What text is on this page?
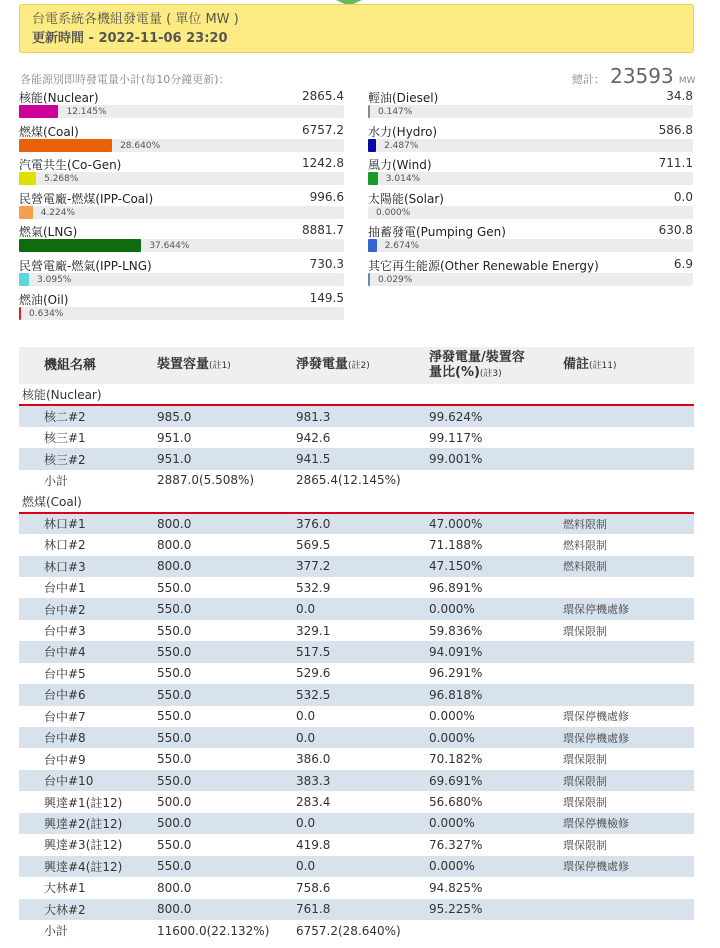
台電系統各機組發電量 ( 單位 MW )
更新時間 - 2022-11-06 23:20
各能源別即時發電量小計(每10分鐘更新)：	總計： 23593 MW
核能(Nuclear)	2865.4
12.145%
燃煤(Coal)	6757.2
28.640%
汽電共生(Co-Gen)	1242.8
5.268%
民營電廠-燃煤(IPP-Coal)	996.6
4.224%
燃氣(LNG)	8881.7
37.644%
民營電廠-燃氣(IPP-LNG)	730.3
3.095%
燃油(Oil)	149.5
0.634%
輕油(Diesel)	34.8
0.147%
水力(Hydro)	586.8
2.487%
風力(Wind)	711.1
3.014%
太陽能(Solar)	0.0
0.000%
抽蓄發電(Pumping Gen)	630.8
2.674%
其它再生能源(Other Renewable Energy)	6.9
0.029%
機組名稱	裝置容量(註1)	淨發電量(註2)	淨發電量/裝置容
量比(%)(註3)	備註(註11)
核能(Nuclear)				
核二#2	985.0	981.3	99.624%	
核三#1	951.0	942.6	99.117%	
核三#2	951.0	941.5	99.001%	
小計	2887.0(5.508%)	2865.4(12.145%)		
燃煤(Coal)				
林口#1	800.0	376.0	47.000%	燃料限制
林口#2	800.0	569.5	71.188%	燃料限制
林口#3	800.0	377.2	47.150%	燃料限制
台中#1	550.0	532.9	96.891%	
台中#2	550.0	0.0	0.000%	環保停機處修
台中#3	550.0	329.1	59.836%	環保限制
台中#4	550.0	517.5	94.091%	
台中#5	550.0	529.6	96.291%	
台中#6	550.0	532.5	96.818%	
台中#7	550.0	0.0	0.000%	環保停機處修
台中#8	550.0	0.0	0.000%	環保停機處修
台中#9	550.0	386.0	70.182%	環保限制
台中#10	550.0	383.3	69.691%	環保限制
興達#1(註12)	500.0	283.4	56.680%	環保限制
興達#2(註12)	500.0	0.0	0.000%	環保停機檢修
興達#3(註12)	550.0	419.8	76.327%	環保限制
興達#4(註12)	550.0	0.0	0.000%	環保停機處修
大林#1	800.0	758.6	94.825%	
大林#2	800.0	761.8	95.225%	
小計	11600.0(22.132%)	6757.2(28.640%)		
